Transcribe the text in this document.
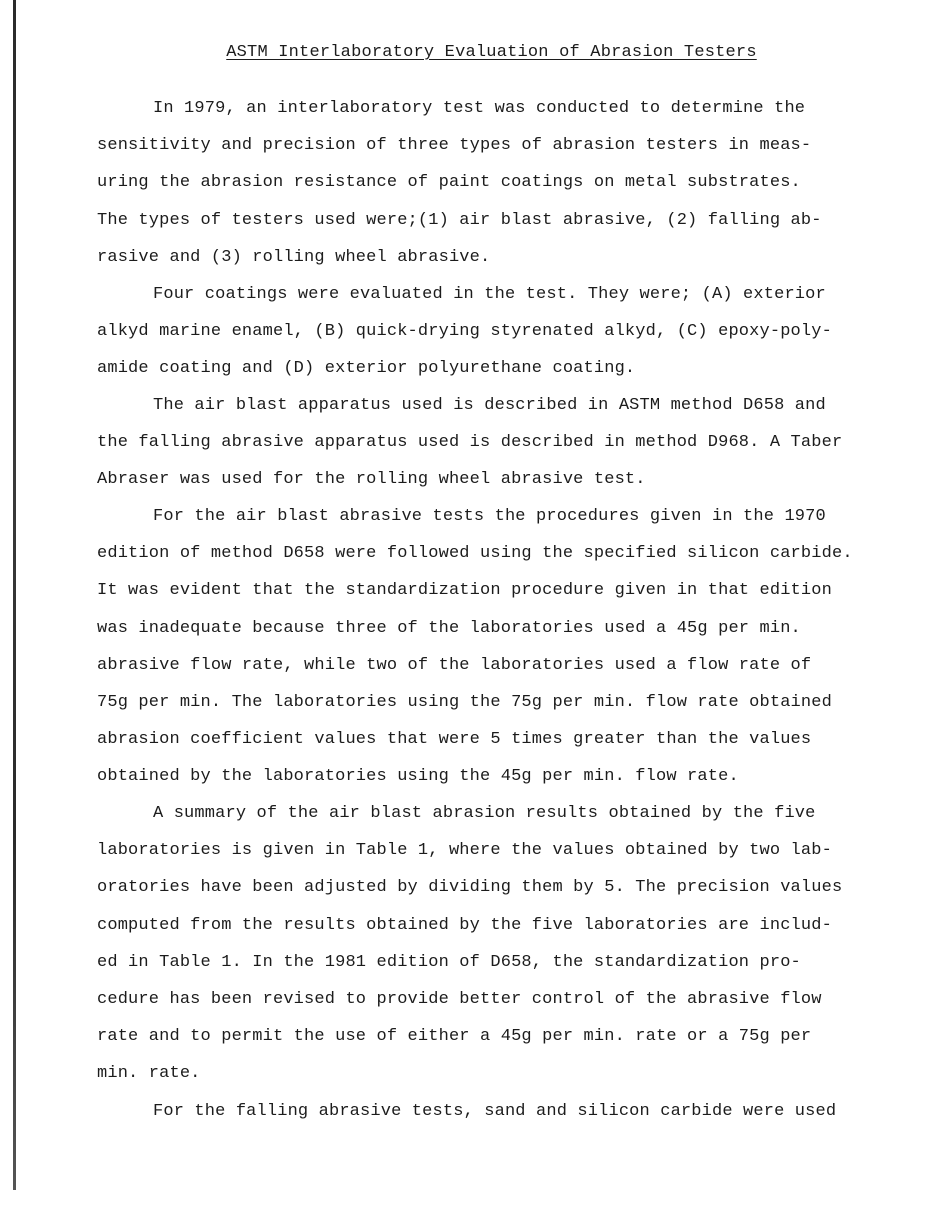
ASTM Interlaboratory Evaluation of Abrasion Testers
In 1979, an interlaboratory test was conducted to determine the
sensitivity and precision of three types of abrasion testers in meas-
uring the abrasion resistance of paint coatings on metal substrates.
The types of testers used were;(1) air blast abrasive, (2) falling ab-
rasive and (3) rolling wheel abrasive.
Four coatings were evaluated in the test. They were; (A) exterior
alkyd marine enamel, (B) quick-drying styrenated alkyd, (C) epoxy-poly-
amide coating and (D) exterior polyurethane coating.
The air blast apparatus used is described in ASTM method D658 and
the falling abrasive apparatus used is described in method D968. A Taber
Abraser was used for the rolling wheel abrasive test.
For the air blast abrasive tests the procedures given in the 1970
edition of method D658 were followed using the specified silicon carbide.
It was evident that the standardization procedure given in that edition
was inadequate because three of the laboratories used a 45g per min.
abrasive flow rate, while two of the laboratories used a flow rate of
75g per min. The laboratories using the 75g per min. flow rate obtained
abrasion coefficient values that were 5 times greater than the values
obtained by the laboratories using the 45g per min. flow rate.
A summary of the air blast abrasion results obtained by the five
laboratories is given in Table 1, where the values obtained by two lab-
oratories have been adjusted by dividing them by 5. The precision values
computed from the results obtained by the five laboratories are includ-
ed in Table 1. In the 1981 edition of D658, the standardization pro-
cedure has been revised to provide better control of the abrasive flow
rate and to permit the use of either a 45g per min. rate or a 75g per
min. rate.
For the falling abrasive tests, sand and silicon carbide were used
